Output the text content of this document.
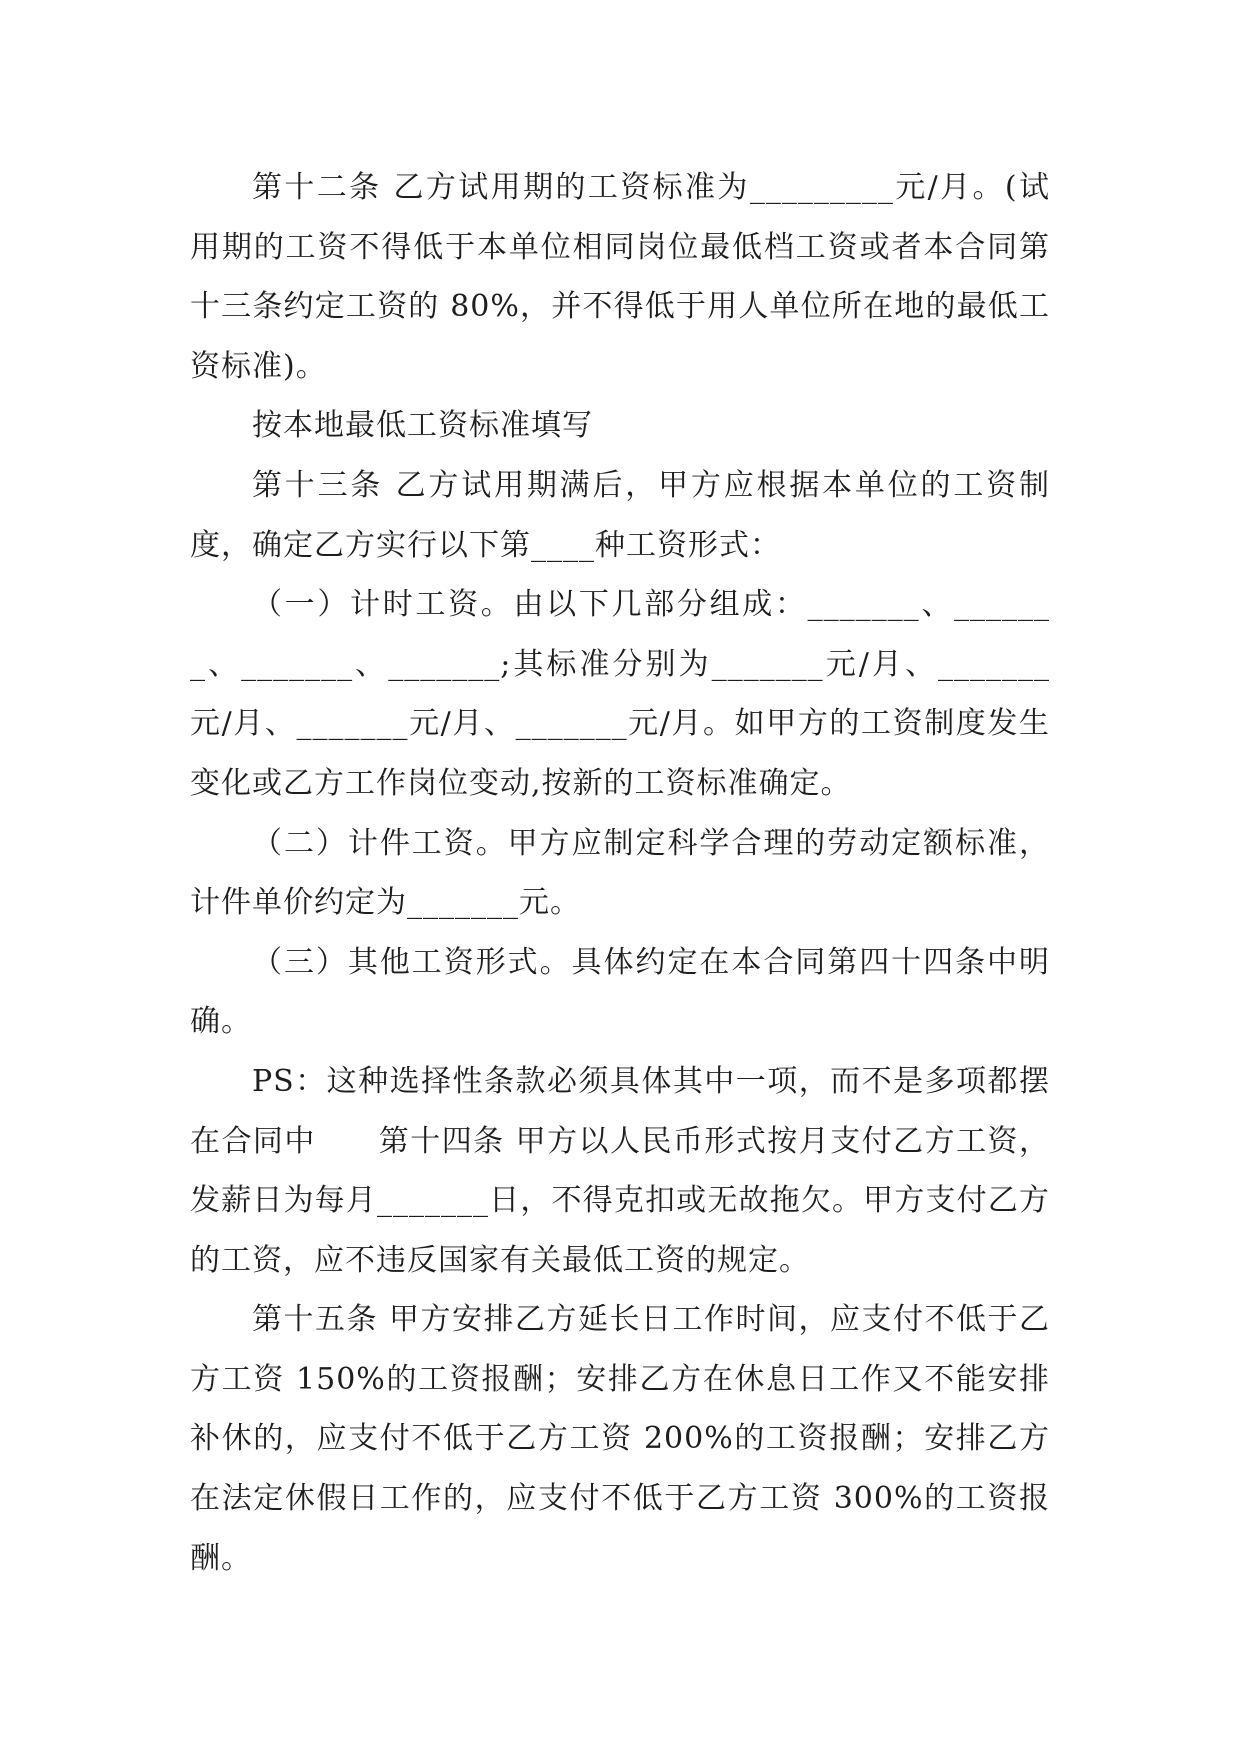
第十二条 乙方试用期的工资标准为_________元/月。(试用期的工资不得低于本单位相同岗位最低档工资或者本合同第十三条约定工资的 80%，并不得低于用人单位所在地的最低工资标准)。

按本地最低工资标准填写

第十三条 乙方试用期满后，甲方应根据本单位的工资制度，确定乙方实行以下第____种工资形式：

（一）计时工资。由以下几部分组成：_______、_______、_______、_______;其标准分别为_______元/月、_______元/月、_______元/月、_______元/月。如甲方的工资制度发生变化或乙方工作岗位变动,按新的工资标准确定。

（二）计件工资。甲方应制定科学合理的劳动定额标准，计件单价约定为_______元。

（三）其他工资形式。具体约定在本合同第四十四条中明确。

PS：这种选择性条款必须具体其中一项，而不是多项都摆在合同中　　第十四条 甲方以人民币形式按月支付乙方工资，发薪日为每月_______日，不得克扣或无故拖欠。甲方支付乙方的工资，应不违反国家有关最低工资的规定。

第十五条 甲方安排乙方延长日工作时间，应支付不低于乙方工资 150%的工资报酬；安排乙方在休息日工作又不能安排补休的，应支付不低于乙方工资 200%的工资报酬；安排乙方在法定休假日工作的，应支付不低于乙方工资 300%的工资报酬。
